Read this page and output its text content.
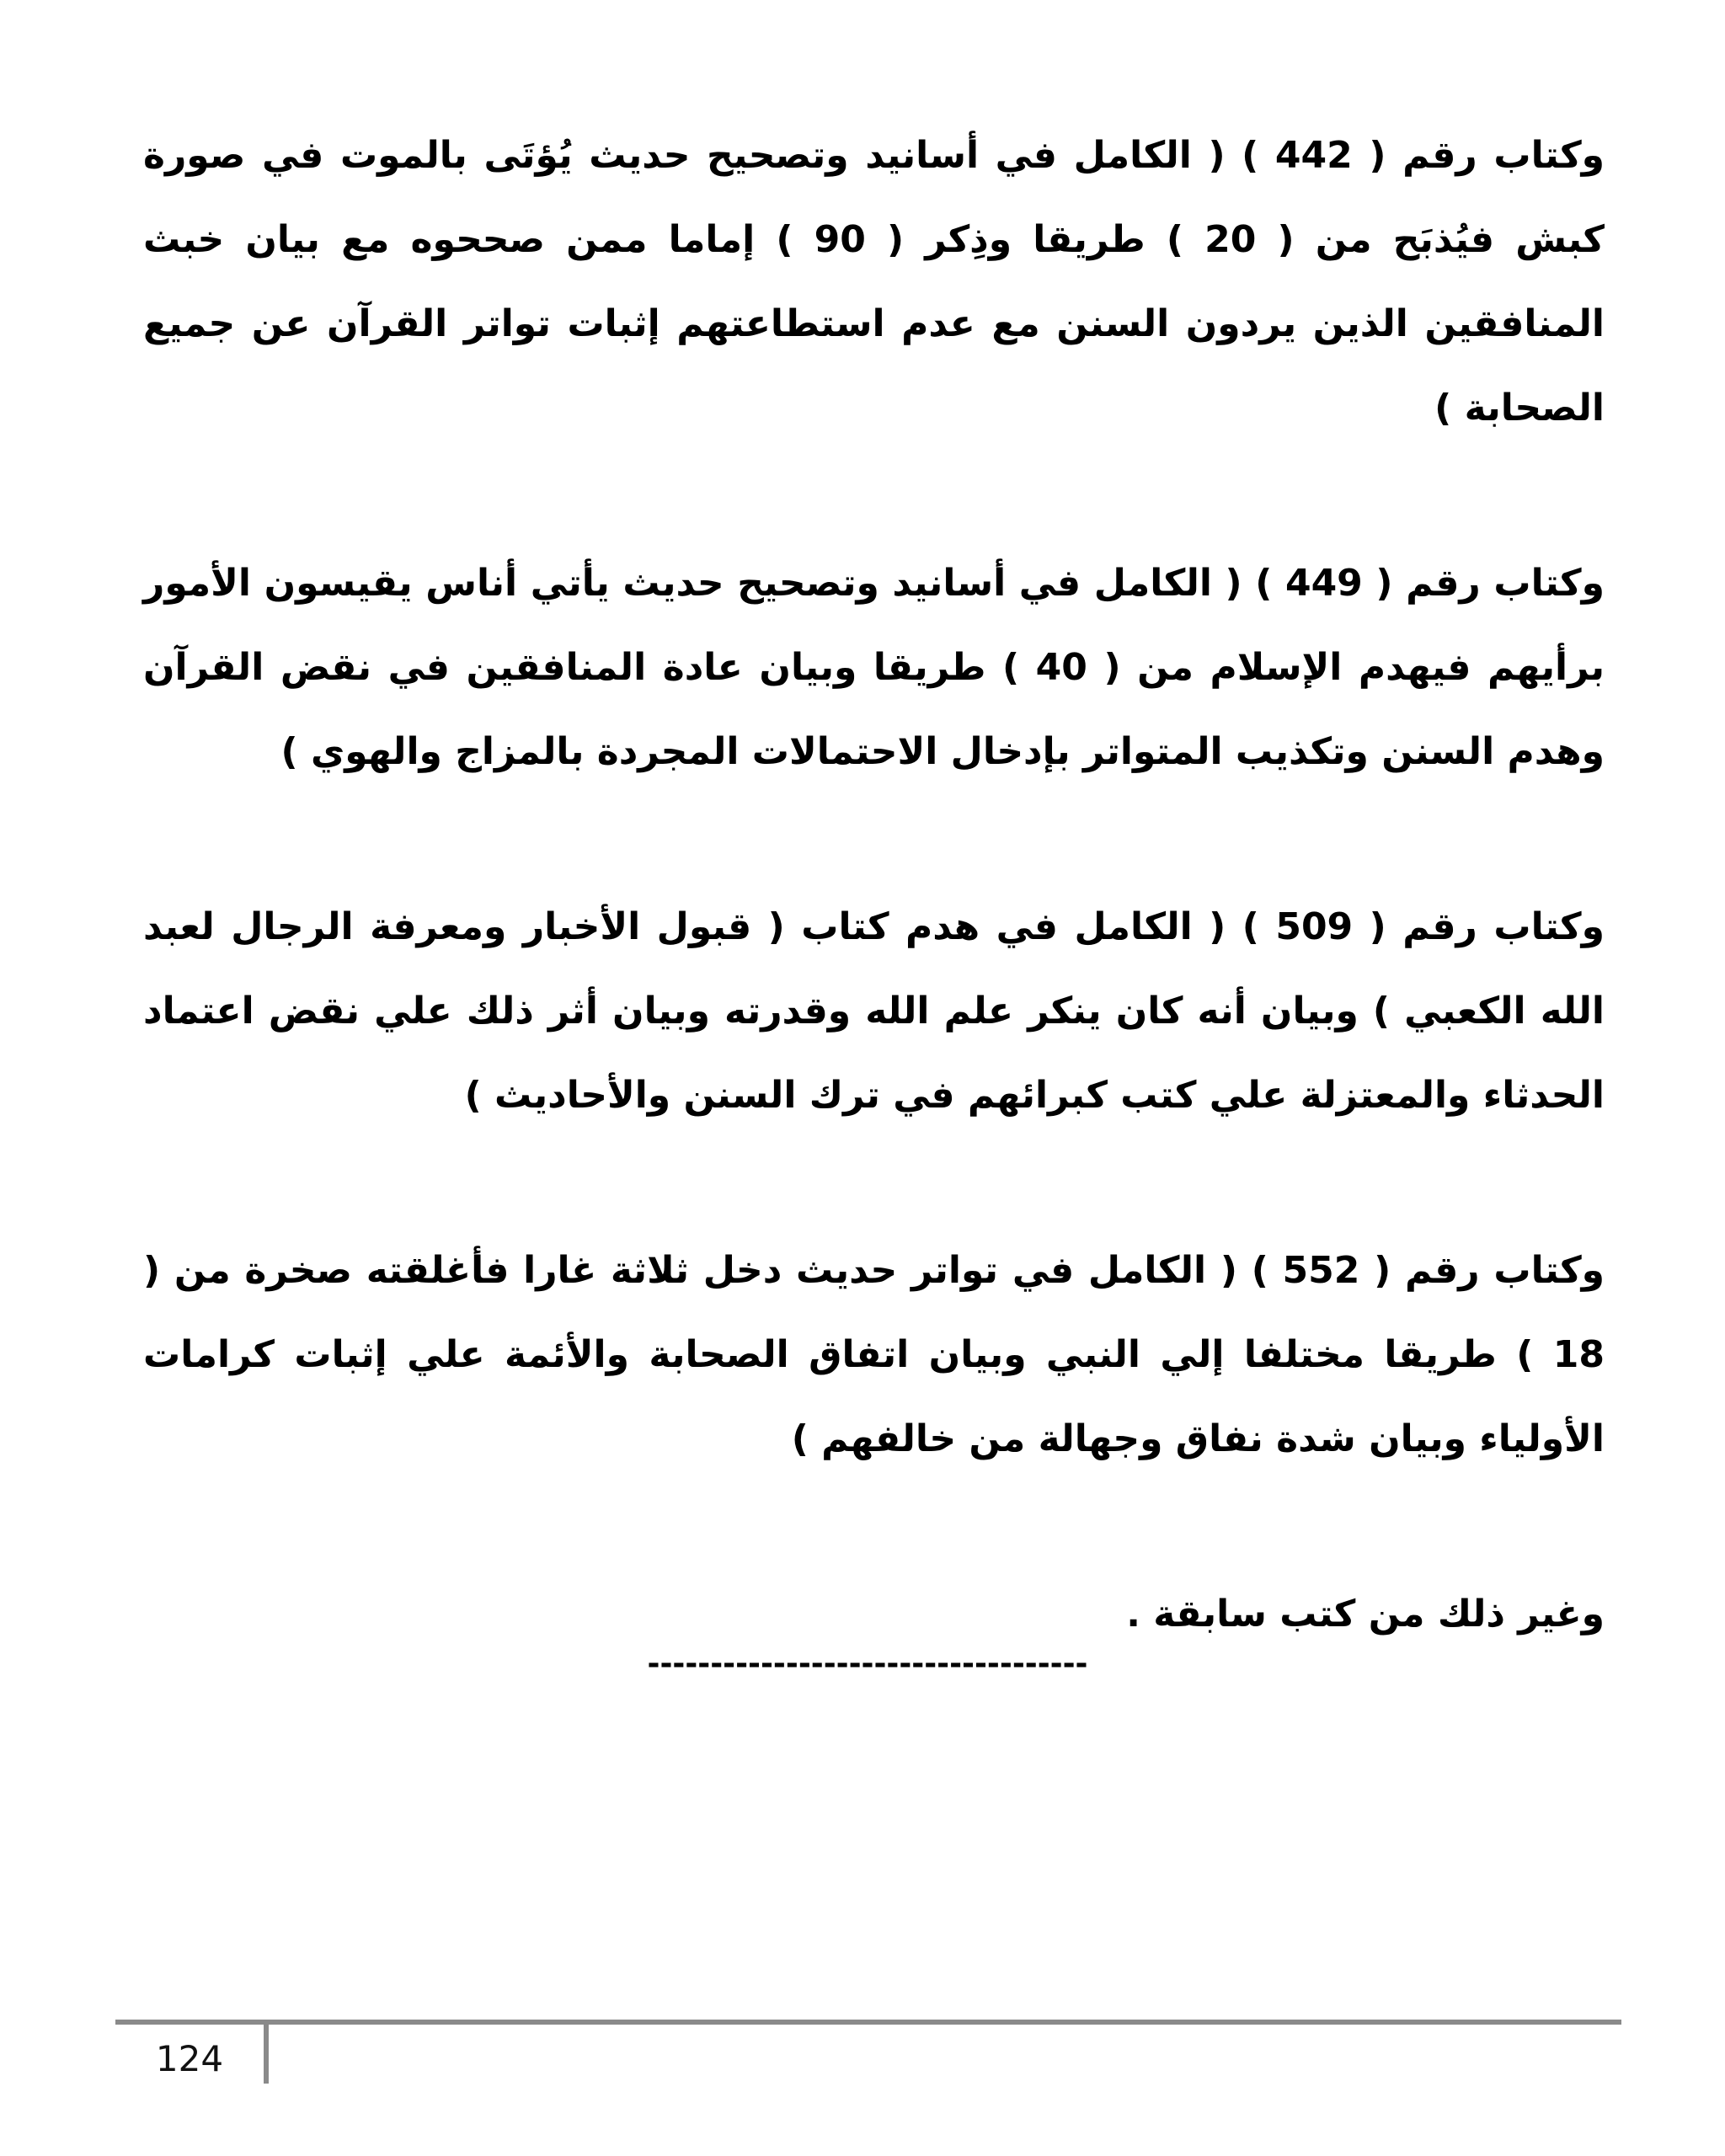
وكتاب رقم ( 442 ) ( الكامل في أسانيد وتصحيح حديث يُؤتَى بالموت في صورة كبش فيُذبَح من ( 20 ) طريقا وذِكر ( 90 ) إماما ممن صححوه مع بيان خبث المنافقين الذين يردون السنن مع عدم استطاعتهم إثبات تواتر القرآن عن جميع الصحابة )

وكتاب رقم ( 449 ) ( الكامل في أسانيد وتصحيح حديث يأتي أناس يقيسون الأمور برأيهم فيهدم الإسلام من ( 40 ) طريقا وبيان عادة المنافقين في نقض القرآن وهدم السنن وتكذيب المتواتر بإدخال الاحتمالات المجردة بالمزاج والهوي )

وكتاب رقم ( 509 ) ( الكامل في هدم كتاب ( قبول الأخبار ومعرفة الرجال لعبد الله الكعبي ) وبيان أنه كان ينكر علم الله وقدرته وبيان أثر ذلك علي نقض اعتماد الحدثاء والمعتزلة علي كتب كبرائهم في ترك السنن والأحاديث )

وكتاب رقم ( 552 ) ( الكامل في تواتر حديث دخل ثلاثة غارا فأغلقته صخرة من ( 18 ) طريقا مختلفا إلي النبي وبيان اتفاق الصحابة والأئمة علي إثبات كرامات الأولياء وبيان شدة نفاق وجهالة من خالفهم )

وغير ذلك من كتب سابقة .

-----------------------------------
124
